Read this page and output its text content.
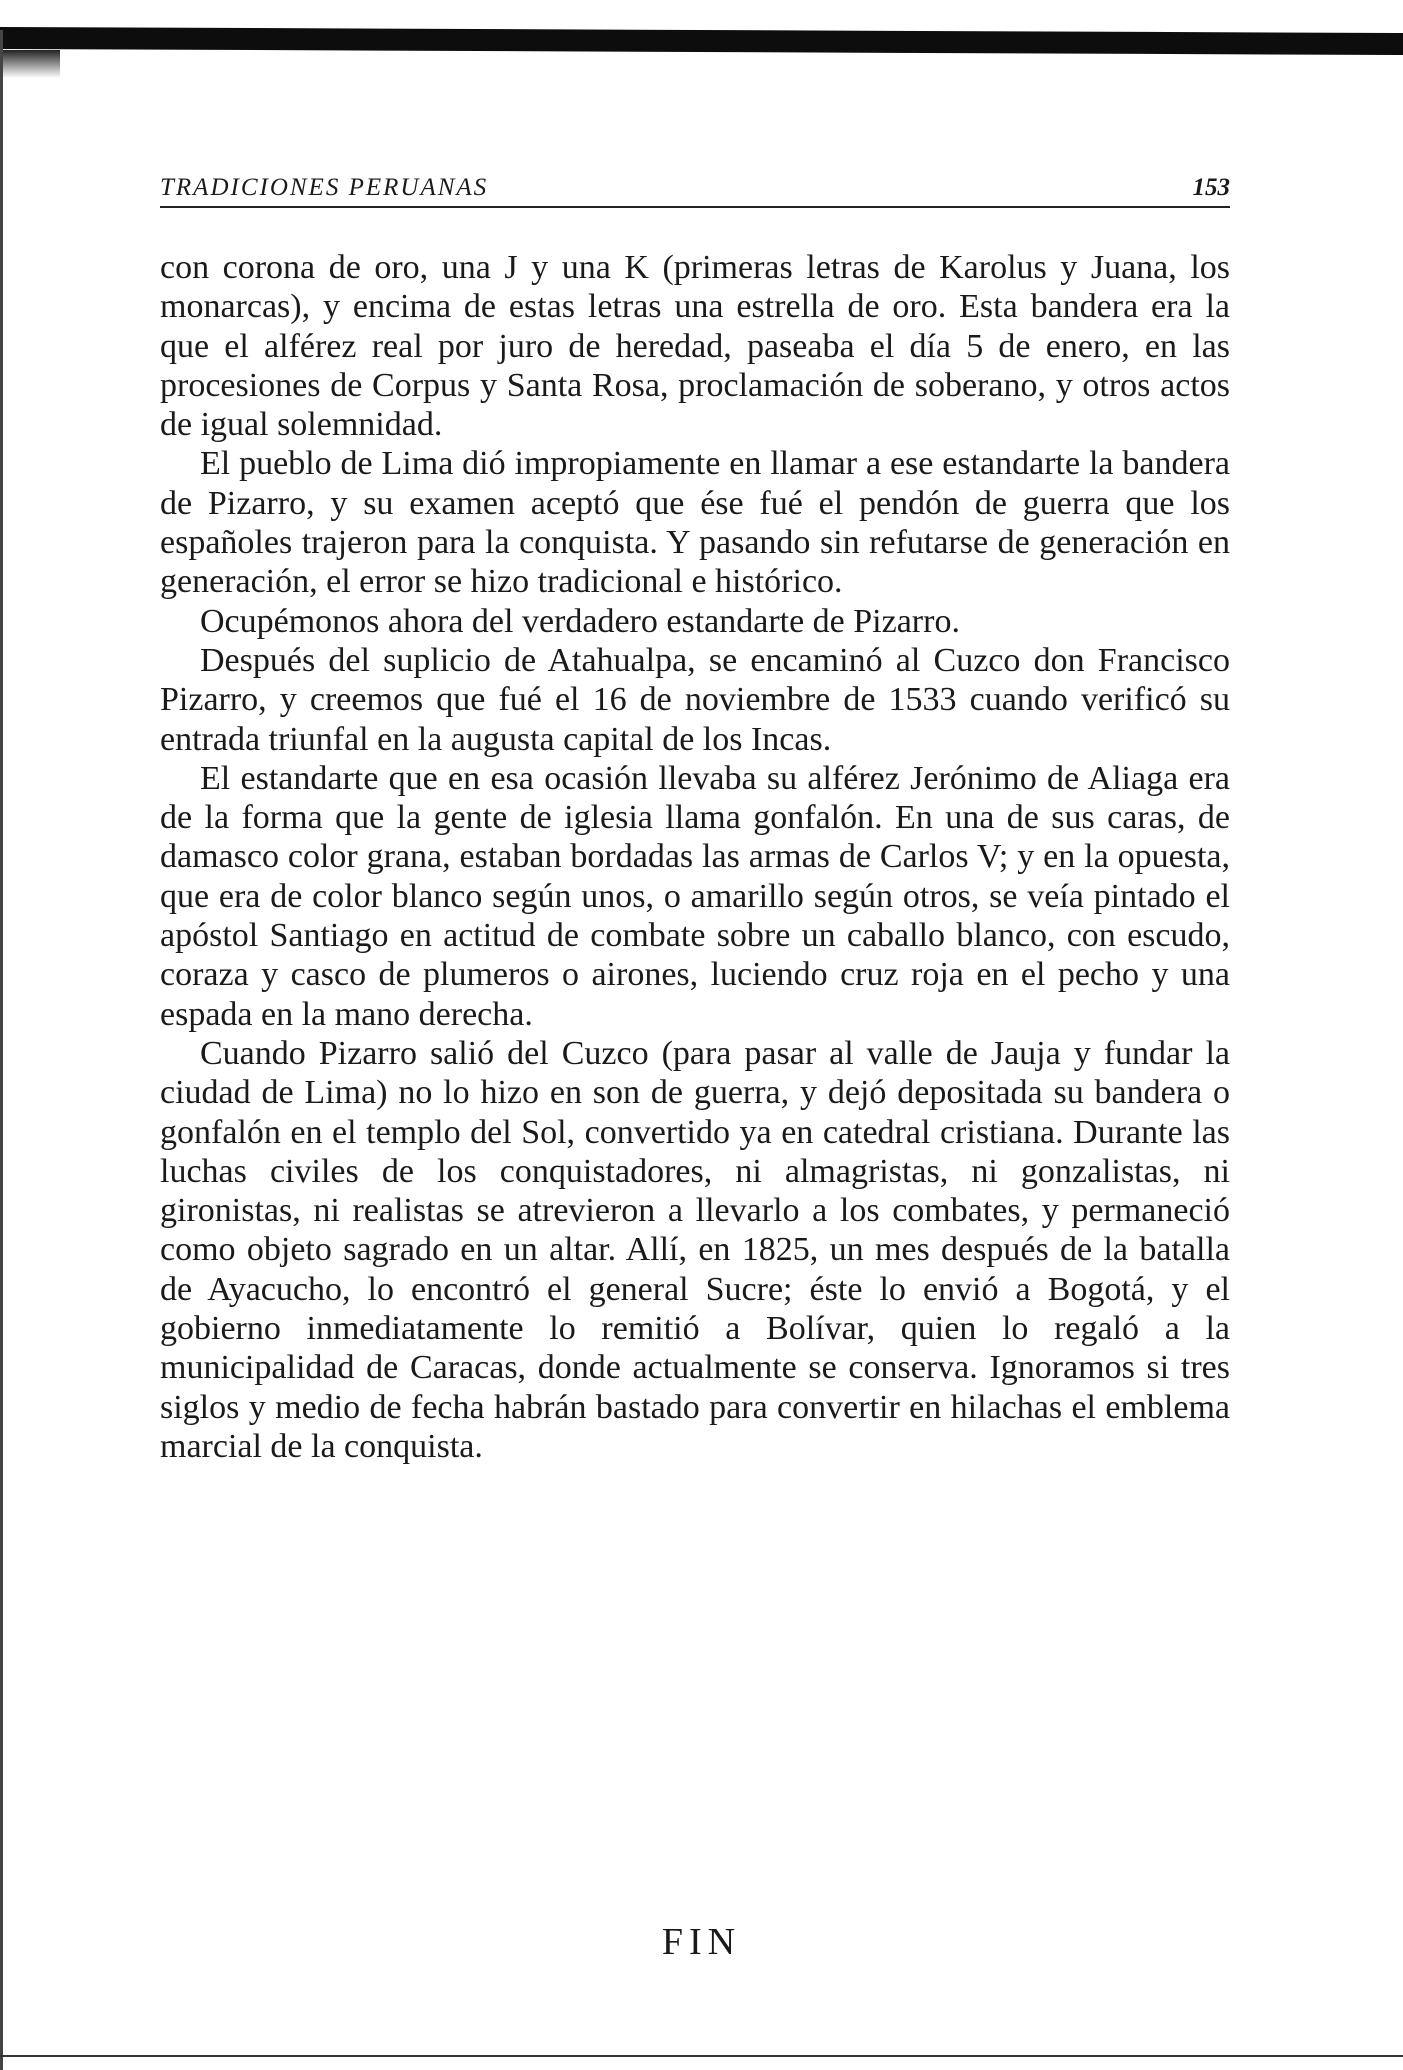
TRADICIONES PERUANAS	153

con corona de oro, una J y una K (primeras letras de Karolus y Juana, los monarcas), y encima de estas letras una estrella de oro. Esta bandera era la que el alférez real por juro de heredad, paseaba el día 5 de enero, en las procesiones de Corpus y Santa Rosa, proclamación de soberano, y otros actos de igual solemnidad.

El pueblo de Lima dió impropiamente en llamar a ese estandarte la bandera de Pizarro, y su examen aceptó que ése fué el pendón de guerra que los españoles trajeron para la conquista. Y pasando sin refutarse de generación en generación, el error se hizo tradicional e histórico.

Ocupémonos ahora del verdadero estandarte de Pizarro.

Después del suplicio de Atahualpa, se encaminó al Cuzco don Francisco Pizarro, y creemos que fué el 16 de noviembre de 1533 cuando verificó su entrada triunfal en la augusta capital de los Incas.

El estandarte que en esa ocasión llevaba su alférez Jerónimo de Aliaga era de la forma que la gente de iglesia llama gonfalón. En una de sus caras, de damasco color grana, estaban bordadas las armas de Carlos V; y en la opuesta, que era de color blanco según unos, o amarillo según otros, se veía pintado el apóstol Santiago en actitud de combate sobre un caballo blanco, con escudo, coraza y casco de plumeros o airones, luciendo cruz roja en el pecho y una espada en la mano derecha.

Cuando Pizarro salió del Cuzco (para pasar al valle de Jauja y fundar la ciudad de Lima) no lo hizo en son de guerra, y dejó depositada su bandera o gonfalón en el templo del Sol, convertido ya en catedral cristiana. Durante las luchas civiles de los conquistadores, ni almagristas, ni gonzalistas, ni gironistas, ni realistas se atrevieron a llevarlo a los combates, y permaneció como objeto sagrado en un altar. Allí, en 1825, un mes después de la batalla de Ayacucho, lo encontró el general Sucre; éste lo envió a Bogotá, y el gobierno inmediatamente lo remitió a Bolívar, quien lo regaló a la municipalidad de Caracas, donde actualmente se conserva. Ignoramos si tres siglos y medio de fecha habrán bastado para convertir en hilachas el emblema marcial de la conquista.

FIN
